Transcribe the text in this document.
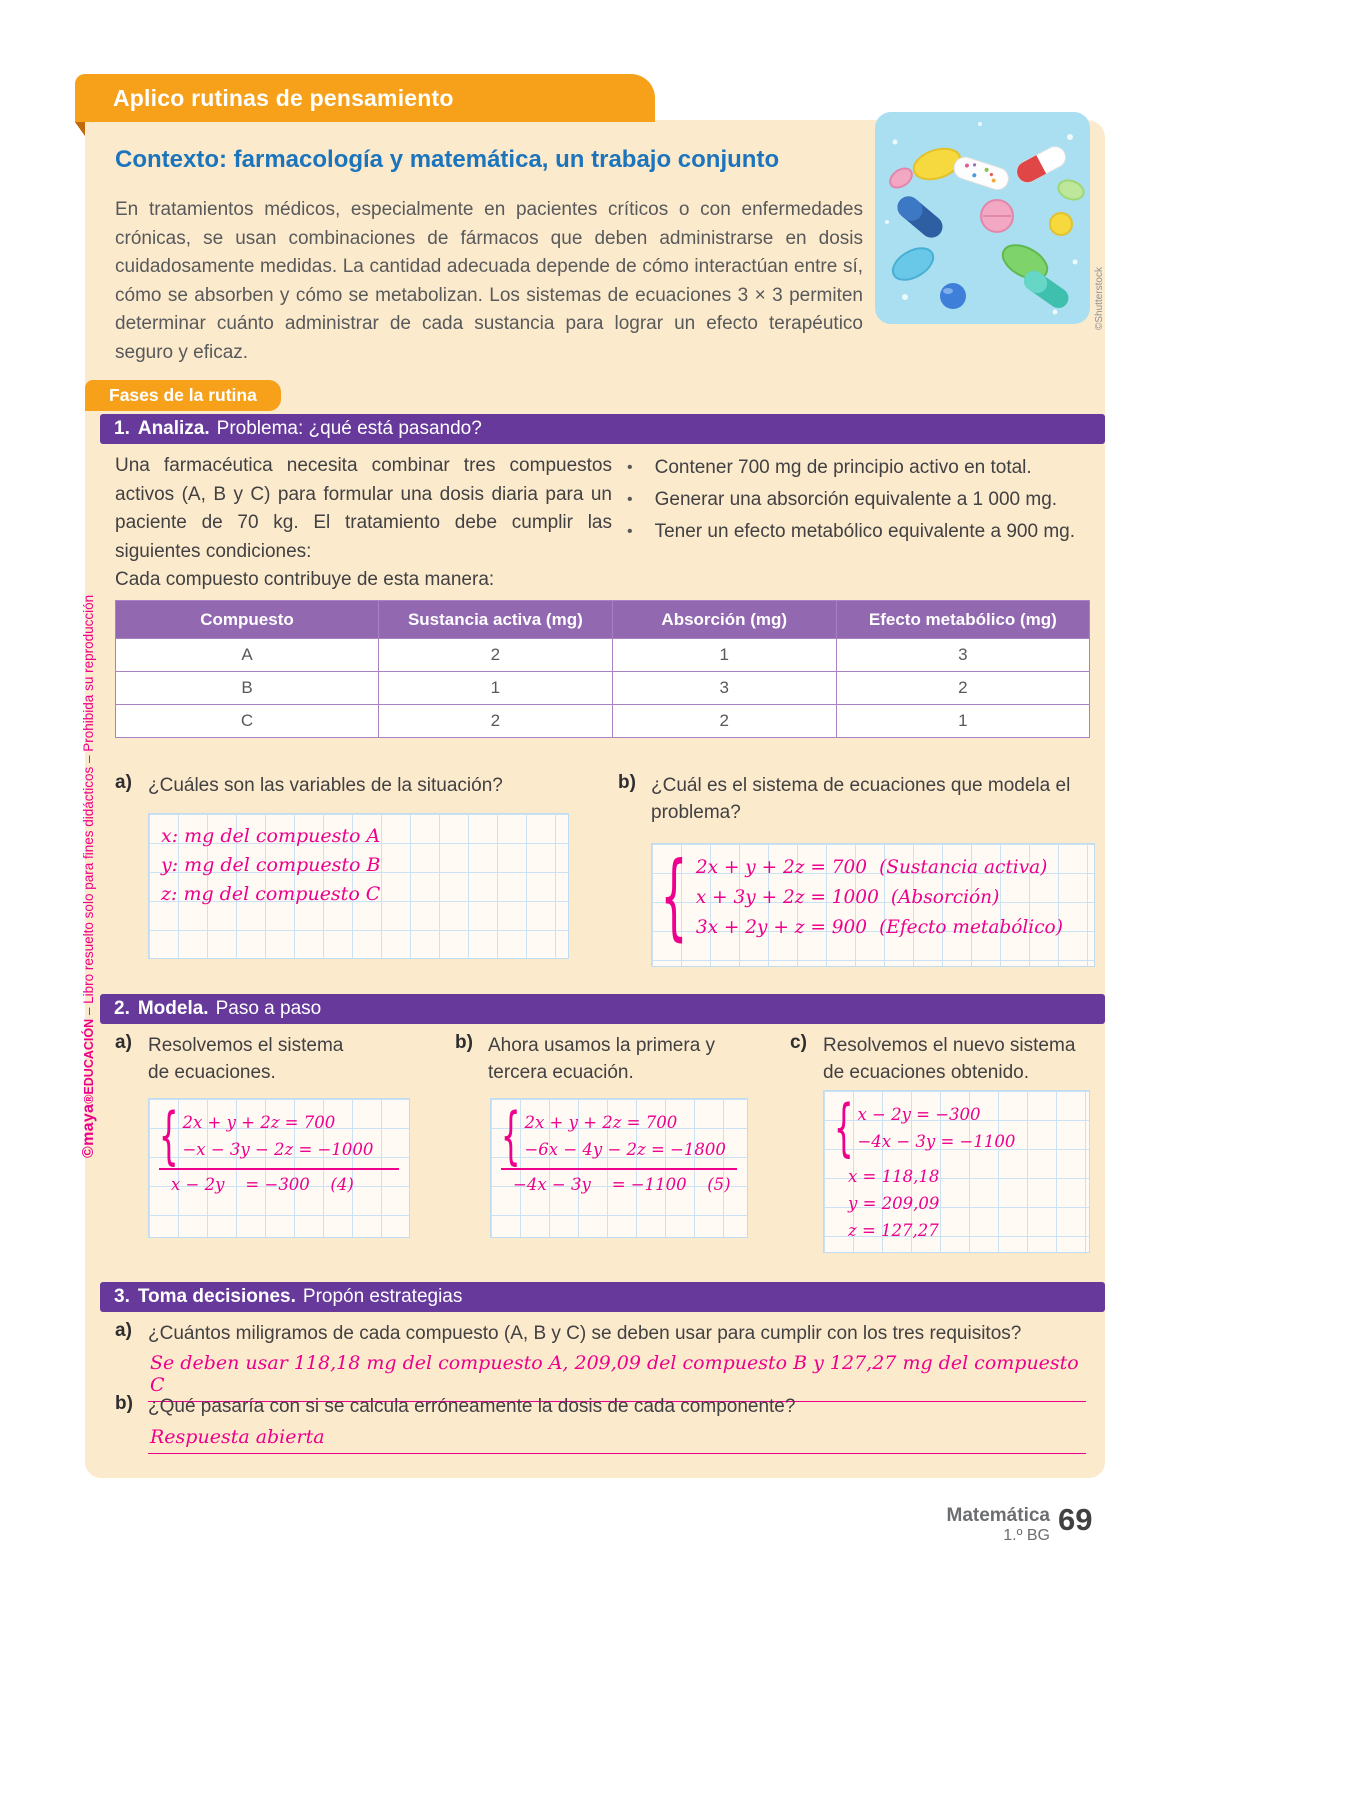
Aplico rutinas de pensamiento
Contexto: farmacología y matemática, un trabajo conjunto
En tratamientos médicos, especialmente en pacientes críticos o con enfermedades crónicas, se usan combinaciones de fármacos que deben administrarse en dosis cuidadosamente medidas. La cantidad adecuada depende de cómo interactúan entre sí, cómo se absorben y cómo se metabolizan. Los sistemas de ecuaciones 3 × 3 permiten determinar cuánto administrar de cada sustancia para lograr un efecto terapéutico seguro y eficaz.
©Shutterstock
Fases de la rutina
1. Analiza. Problema: ¿qué está pasando?
Una farmacéutica necesita combinar tres compuestos activos (A, B y C) para formular una dosis diaria para un paciente de 70 kg. El tratamiento debe cumplir las siguientes condiciones:
• Contener 700 mg de principio activo en total.
• Generar una absorción equivalente a 1 000 mg.
• Tener un efecto metabólico equivalente a 900 mg.
Cada compuesto contribuye de esta manera:
Compuesto	Sustancia activa (mg)	Absorción (mg)	Efecto metabólico (mg)
A	2	1	3
B	1	3	2
C	2	2	1
a) ¿Cuáles son las variables de la situación?
x: mg del compuesto A
y: mg del compuesto B
z: mg del compuesto C
b) ¿Cuál es el sistema de ecuaciones que modela el problema?
{ 2x + y + 2z = 700 (Sustancia activa)
x + 3y + 2z = 1000 (Absorción)
3x + 2y + z = 900 (Efecto metabólico)
2. Modela. Paso a paso
a) Resolvemos el sistema de ecuaciones.
{ 2x + y + 2z = 700
−x − 3y − 2z = −1000
x − 2y    = −300 (4)
b) Ahora usamos la primera y tercera ecuación.
{ 2x + y + 2z = 700
−6x − 4y − 2z = −1800
−4x − 3y    = −1100 (5)
c) Resolvemos el nuevo sistema de ecuaciones obtenido.
{ x − 2y = −300
−4x − 3y = −1100
x = 118,18
y = 209,09
z = 127,27
3. Toma decisiones. Propón estrategias
a) ¿Cuántos miligramos de cada compuesto (A, B y C) se deben usar para cumplir con los tres requisitos?
Se deben usar 118,18 mg del compuesto A, 209,09 del compuesto B y 127,27 mg del compuesto C
b) ¿Qué pasaría con si se calcula erróneamente la dosis de cada componente?
Respuesta abierta
©maya®EDUCACIÓN – Libro resuelto solo para fines didácticos – Prohibida su reproducción
Matemática
1.º BG 69
